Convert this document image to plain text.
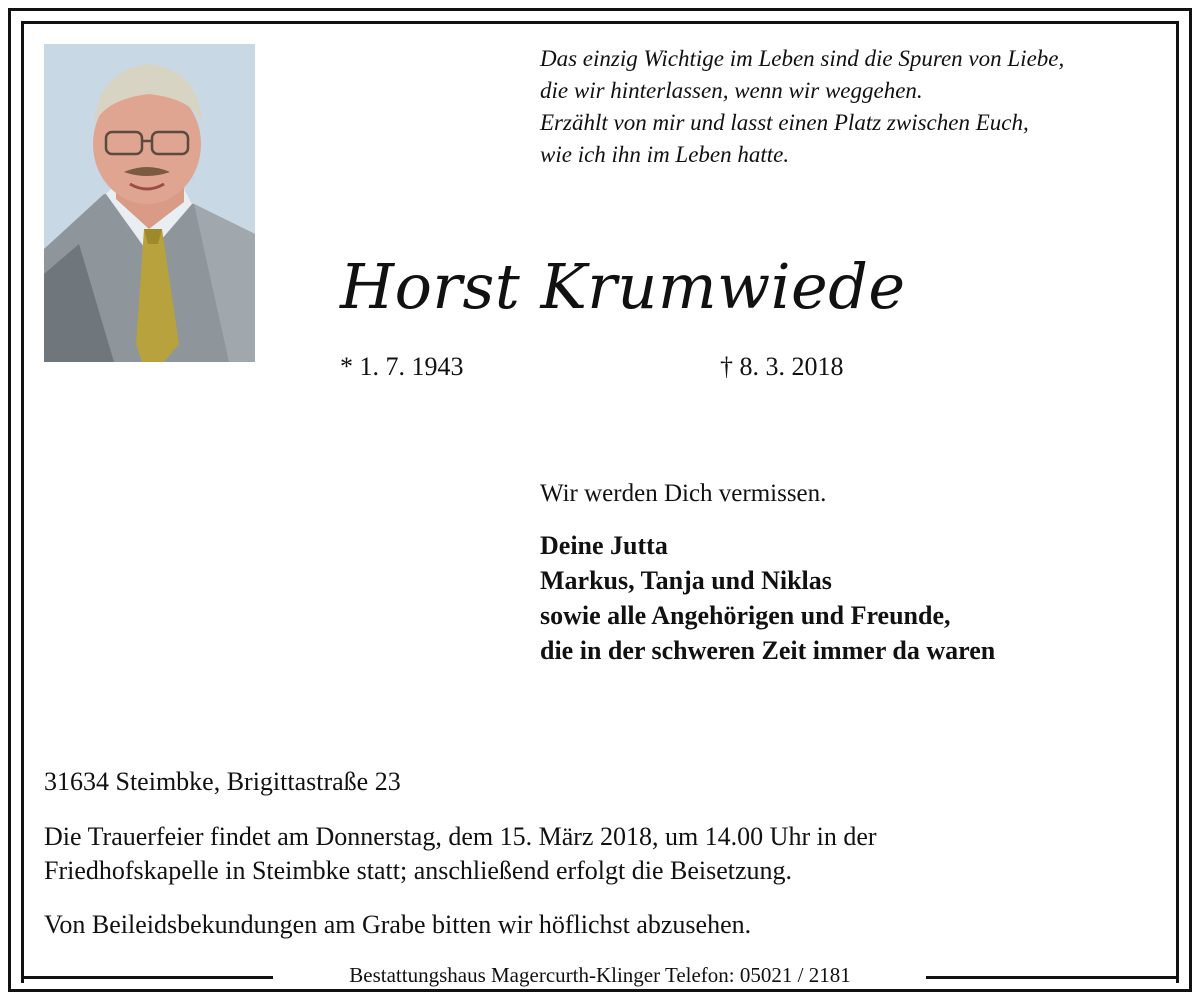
Bestattungshaus Magercurth-Klinger Telefon: 05021 / 2181
Das einzig Wichtige im Leben sind die Spuren von Liebe,
die wir hinterlassen, wenn wir weggehen.
Erzählt von mir und lasst einen Platz zwischen Euch,
wie ich ihn im Leben hatte.
Horst Krumwiede
* 1. 7. 1943	† 8. 3. 2018
Wir werden Dich vermissen.
Deine Jutta
Markus, Tanja und Niklas
sowie alle Angehörigen und Freunde,
die in der schweren Zeit immer da waren
31634 Steimbke, Brigittastraße 23
Die Trauerfeier findet am Donnerstag, dem 15. März 2018, um 14.00 Uhr in der
Friedhofskapelle in Steimbke statt; anschließend erfolgt die Beisetzung.
Von Beileidsbekundungen am Grabe bitten wir höflichst abzusehen.
